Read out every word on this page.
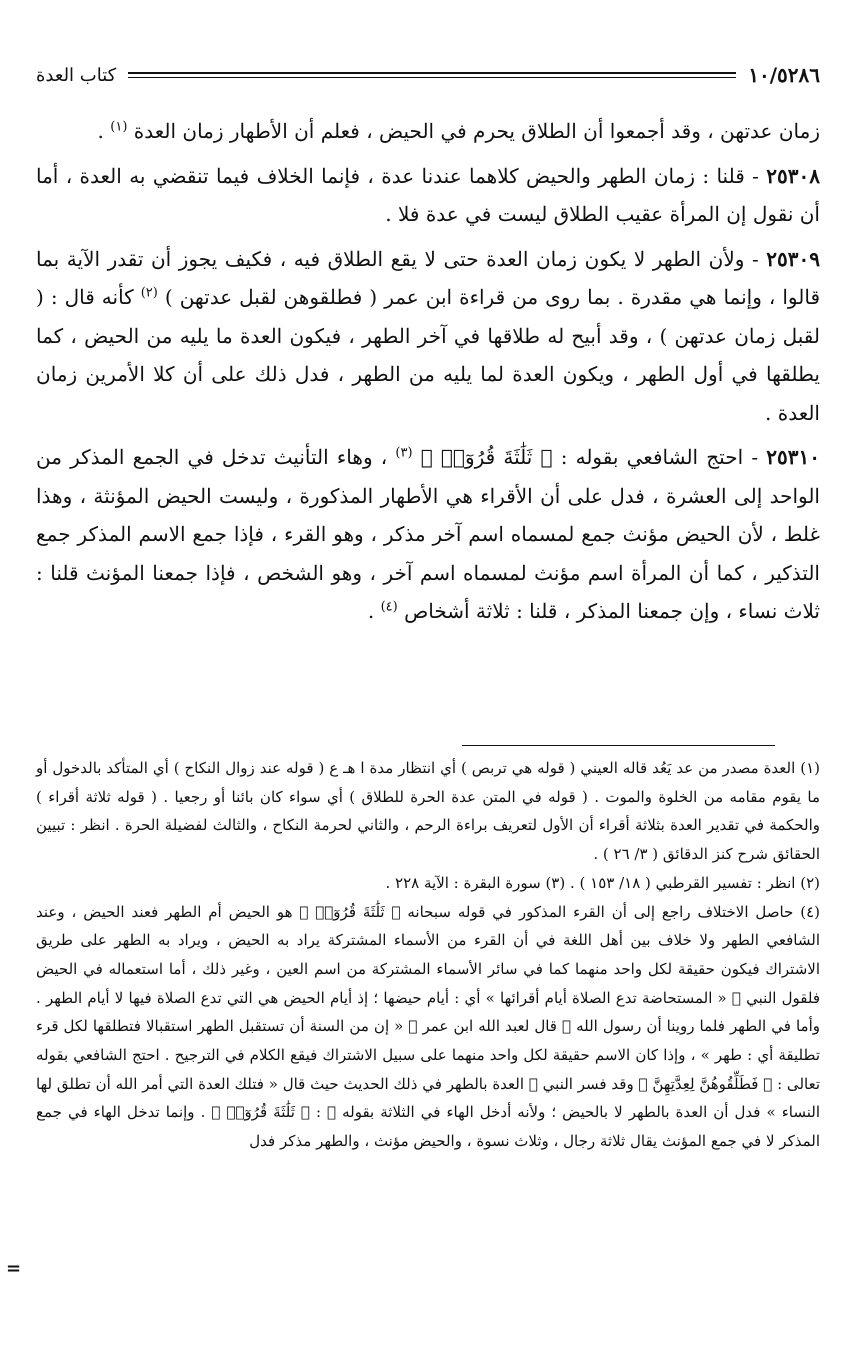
١٠/٥٢٨٦
كتاب العدة

زمان عدتهن ، وقد أجمعوا أن الطلاق يحرم في الحيض ، فعلم أن الأطهار زمان العدة $^{(١)}$ .

٢٥٣٠٨ - قلنا : زمان الطهر والحيض كلاهما عندنا عدة ، فإنما الخلاف فيما تنقضي به العدة ، أما أن نقول إن المرأة عقيب الطلاق ليست في عدة فلا .

٢٥٣٠٩ - ولأن الطهر لا يكون زمان العدة حتى لا يقع الطلاق فيه ، فكيف يجوز أن تقدر الآية بما قالوا ، وإنما هي مقدرة . بما روى من قراءة ابن عمر ( فطلقوهن لقبل عدتهن ) $^{(٢)}$ كأنه قال : ( لقبل زمان عدتهن ) ، وقد أبيح له طلاقها في آخر الطهر ، فيكون العدة ما يليه من الحيض ، كما يطلقها في أول الطهر ، ويكون العدة لما يليه من الطهر ، فدل ذلك على أن كلا الأمرين زمان العدة .

٢٥٣١٠ - احتج الشافعي بقوله : ﴿ ثَلَٰثَةَ قُرُوٓءٖ ﴾ $^{(٣)}$ ، وهاء التأنيث تدخل في الجمع المذكر من الواحد إلى العشرة ، فدل على أن الأقراء هي الأطهار المذكورة ، وليست الحيض المؤنثة ، وهذا غلط ، لأن الحيض مؤنث جمع لمسماه اسم آخر مذكر ، وهو القرء ، فإذا جمع الاسم المذكر جمع التذكير ، كما أن المرأة اسم مؤنث لمسماه اسم آخر ، وهو الشخص ، فإذا جمعنا المؤنث قلنا : ثلاث نساء ، وإن جمعنا المذكر ، قلنا : ثلاثة أشخاص $^{(٤)}$ .

(١) العدة مصدر من عد يَعُد قاله العيني ( قوله هي تربص ) أي انتظار مدة ا هـ ع ( قوله عند زوال النكاح ) أي المتأكد بالدخول أو ما يقوم مقامه من الخلوة والموت . ( قوله في المتن عدة الحرة للطلاق ) أي سواء كان بائنا أو رجعيا . ( قوله ثلاثة أقراء ) والحكمة في تقدير العدة بثلاثة أقراء أن الأول لتعريف براءة الرحم ، والثاني لحرمة النكاح ، والثالث لفضيلة الحرة . انظر : تبيين الحقائق شرح كنز الدقائق ( ٣/ ٢٦ ) .

(٢) انظر : تفسير القرطبي ( ١٨/ ١٥٣ ) . (٣) سورة البقرة : الآية ٢٢٨ .

(٤) حاصل الاختلاف راجع إلى أن القرء المذكور في قوله سبحانه ﴿ ثَلَٰثَةَ قُرُوٓءٖ ﴾ هو الحيض أم الطهر فعند الحيض ، وعند الشافعي الطهر ولا خلاف بين أهل اللغة في أن القرء من الأسماء المشتركة يراد به الحيض ، ويراد به الطهر على طريق الاشتراك فيكون حقيقة لكل واحد منهما كما في سائر الأسماء المشتركة من اسم العين ، وغير ذلك ، أما استعماله في الحيض فلقول النبي ﷺ « المستحاضة تدع الصلاة أيام أقرائها » أي : أيام حيضها ؛ إذ أيام الحيض هي التي تدع الصلاة فيها لا أيام الطهر . وأما في الطهر فلما روينا أن رسول الله ﷺ قال لعبد الله ابن عمر ﷺ « إن من السنة أن تستقبل الطهر استقبالا فتطلقها لكل قرء تطليقة أي : طهر » ، وإذا كان الاسم حقيقة لكل واحد منهما على سبيل الاشتراك فيقع الكلام في الترجيح . احتج الشافعي بقوله تعالى : ﴿ فَطَلِّقُوهُنَّ لِعِدَّتِهِنَّ ﴾ وقد فسر النبي ﷺ العدة بالطهر في ذلك الحديث حيث قال « فتلك العدة التي أمر الله أن تطلق لها النساء » فدل أن العدة بالطهر لا بالحيض ؛ ولأنه أدخل الهاء في الثلاثة بقوله ﷺ : ﴿ ثَلَٰثَةَ قُرُوٓءٖ ﴾ . وإنما تدخل الهاء في جمع المذكر لا في جمع المؤنث يقال ثلاثة رجال ، وثلاث نسوة ، والحيض مؤنث ، والطهر مذكر فدل

=
